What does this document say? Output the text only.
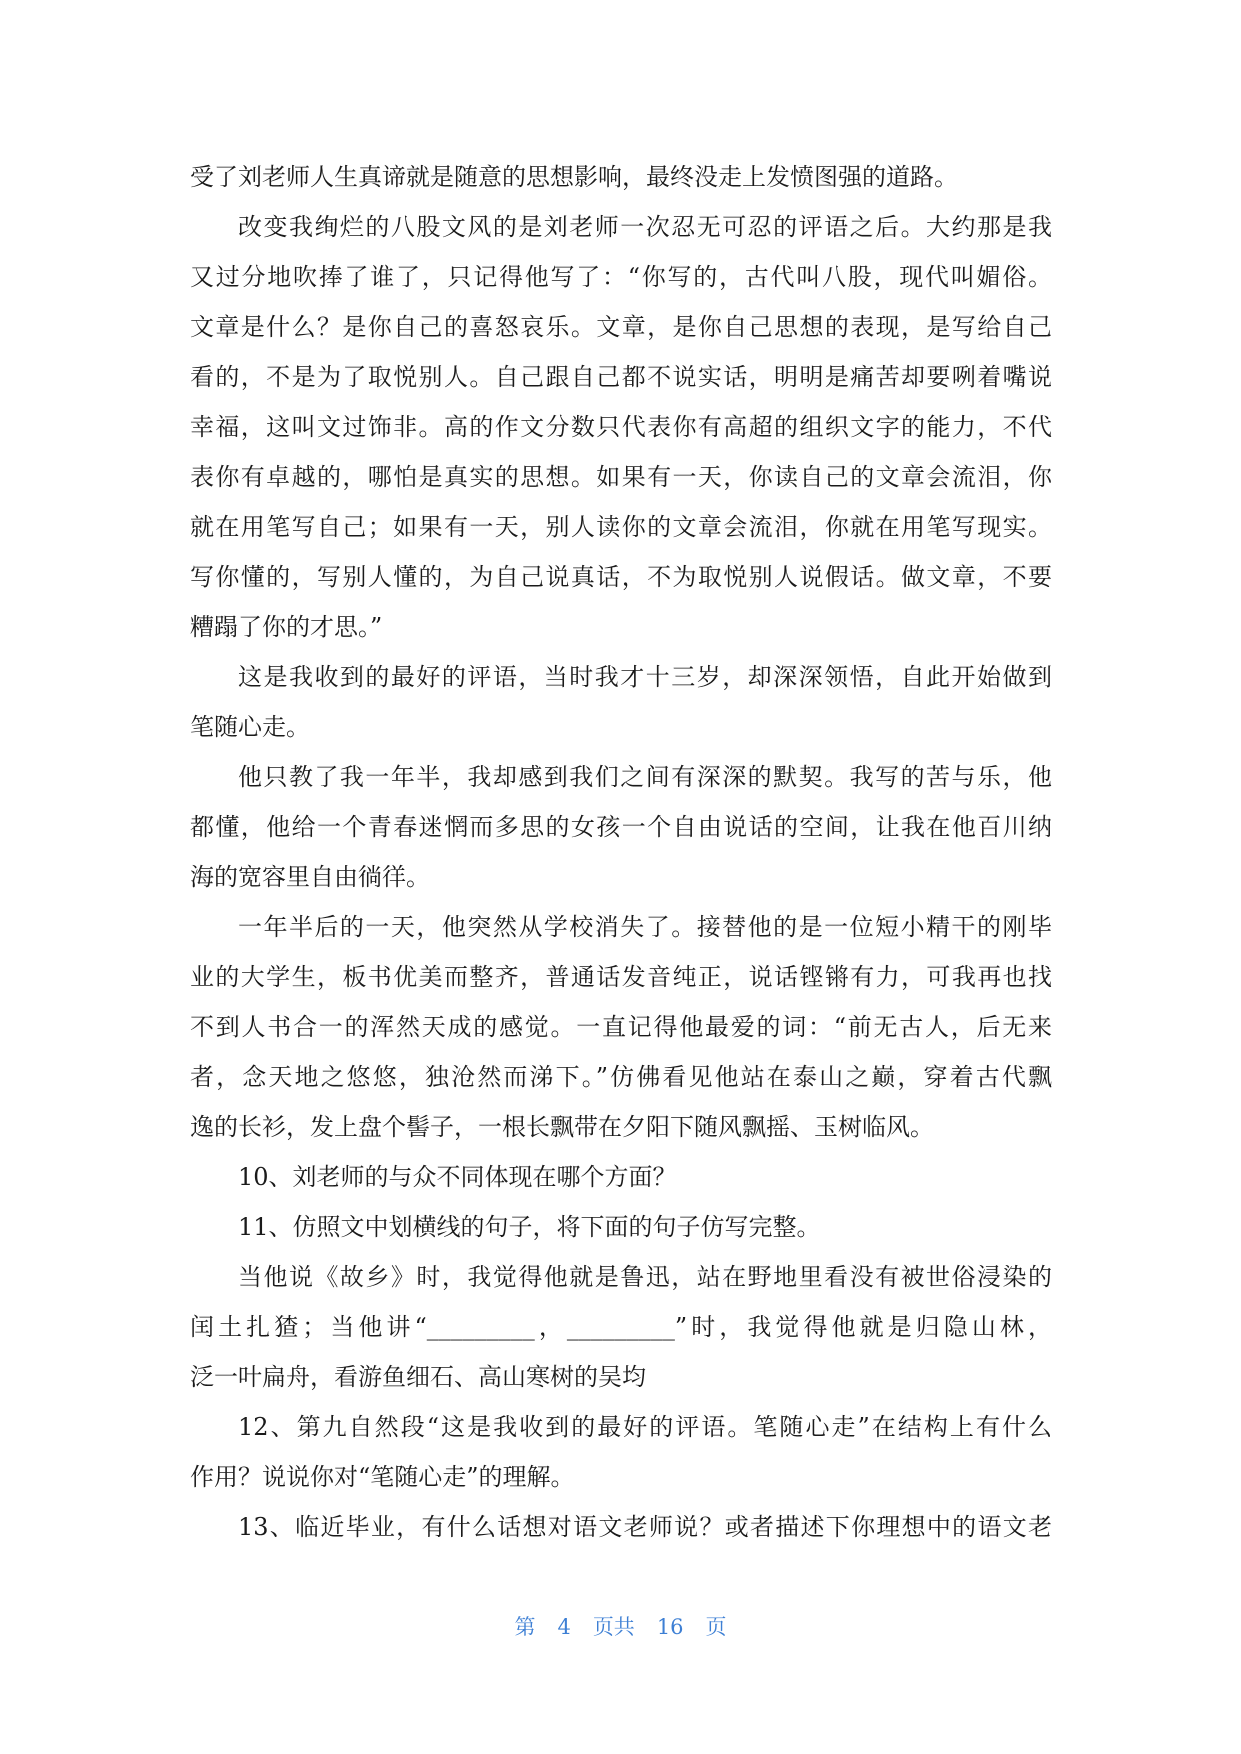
受了刘老师人生真谛就是随意的思想影响，最终没走上发愤图强的道路。
改变我绚烂的八股文风的是刘老师一次忍无可忍的评语之后。大约那是我
又过分地吹捧了谁了，只记得他写了：“你写的，古代叫八股，现代叫媚俗。
文章是什么？是你自己的喜怒哀乐。文章，是你自己思想的表现，是写给自己
看的，不是为了取悦别人。自己跟自己都不说实话，明明是痛苦却要咧着嘴说
幸福，这叫文过饰非。高的作文分数只代表你有高超的组织文字的能力，不代
表你有卓越的，哪怕是真实的思想。如果有一天，你读自己的文章会流泪，你
就在用笔写自己；如果有一天，别人读你的文章会流泪，你就在用笔写现实。
写你懂的，写别人懂的，为自己说真话，不为取悦别人说假话。做文章，不要
糟蹋了你的才思。”
这是我收到的最好的评语，当时我才十三岁，却深深领悟，自此开始做到
笔随心走。
他只教了我一年半，我却感到我们之间有深深的默契。我写的苦与乐，他
都懂，他给一个青春迷惘而多思的女孩一个自由说话的空间，让我在他百川纳
海的宽容里自由徜徉。
一年半后的一天，他突然从学校消失了。接替他的是一位短小精干的刚毕
业的大学生，板书优美而整齐，普通话发音纯正，说话铿锵有力，可我再也找
不到人书合一的浑然天成的感觉。一直记得他最爱的词：“前无古人，后无来
者，念天地之悠悠，独沧然而涕下。”仿佛看见他站在泰山之巅，穿着古代飘
逸的长衫，发上盘个髻子，一根长飘带在夕阳下随风飘摇、玉树临风。
10、刘老师的与众不同体现在哪个方面？
11、仿照文中划横线的句子，将下面的句子仿写完整。
当他说《故乡》时，我觉得他就是鲁迅，站在野地里看没有被世俗浸染的
闰土扎猹；当他讲“_________，_________”时，我觉得他就是归隐山林，
泛一叶扁舟，看游鱼细石、高山寒树的吴均
12、第九自然段“这是我收到的最好的评语。笔随心走”在结构上有什么
作用？说说你对“笔随心走”的理解。
13、临近毕业，有什么话想对语文老师说？或者描述下你理想中的语文老
第 4 页共 16 页
